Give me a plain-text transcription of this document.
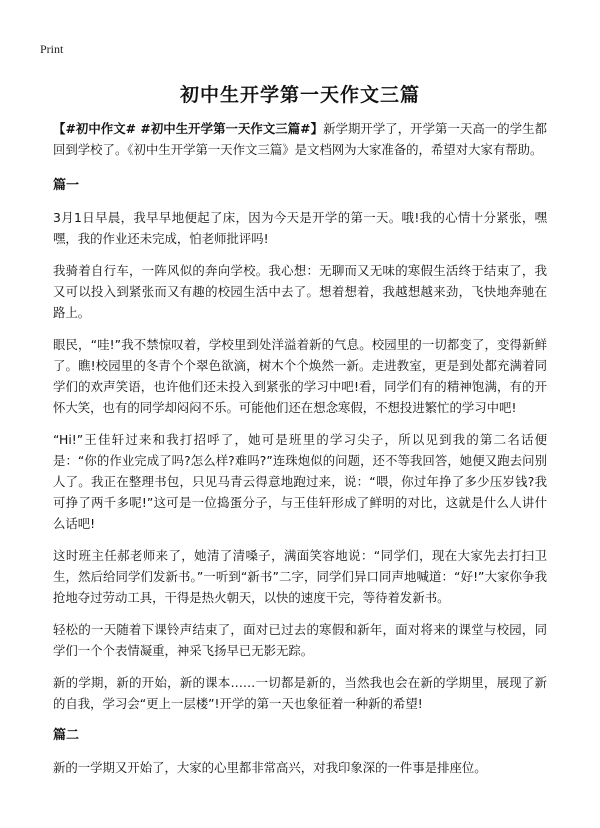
Print
初中生开学第一天作文三篇

【#初中作文# #初中生开学第一天作文三篇#】新学期开学了，开学第一天高一的学生都回到学校了。《初中生开学第一天作文三篇》是文档网为大家准备的，希望对大家有帮助。

篇一

3月1日早晨，我早早地便起了床，因为今天是开学的第一天。哦!我的心情十分紧张，嘿嘿，我的作业还未完成，怕老师批评吗!

我骑着自行车，一阵风似的奔向学校。我心想：无聊而又无味的寒假生活终于结束了，我又可以投入到紧张而又有趣的校园生活中去了。想着想着，我越想越来劲，飞快地奔驰在路上。

眼民，“哇!”我不禁惊叹着，学校里到处洋溢着新的气息。校园里的一切都变了，变得新鲜了。瞧!校园里的冬青个个翠色欲滴，树木个个焕然一新。走进教室，更是到处都充满着同学们的欢声笑语，也许他们还未投入到紧张的学习中吧!看，同学们有的精神饱满，有的开怀大笑，也有的同学却闷闷不乐。可能他们还在想念寒假，不想投进繁忙的学习中吧!

“Hi!”王佳轩过来和我打招呼了，她可是班里的学习尖子，所以见到我的第二名话便是：“你的作业完成了吗?怎么样?难吗?”连珠炮似的问题，还不等我回答，她便又跑去问别人了。我正在整理书包，只见马青云得意地跑过来，说：“喂，你过年挣了多少压岁钱?我可挣了两千多呢!”这可是一位捣蛋分子，与王佳轩形成了鲜明的对比，这就是什么人讲什么话吧!

这时班主任郝老师来了，她清了清嗓子，满面笑容地说：“同学们，现在大家先去打扫卫生，然后给同学们发新书。”一听到“新书”二字，同学们异口同声地喊道：“好!”大家你争我抢地夺过劳动工具，干得是热火朝天，以快的速度干完，等待着发新书。

轻松的一天随着下课铃声结束了，面对已过去的寒假和新年，面对将来的课堂与校园，同学们一个个表情凝重，神采飞扬早已无影无踪。

新的学期，新的开始，新的课本……一切都是新的，当然我也会在新的学期里，展现了新的自我，学习会“更上一层楼”!开学的第一天也象征着一种新的希望!

篇二

新的一学期又开始了，大家的心里都非常高兴，对我印象深的一件事是排座位。
